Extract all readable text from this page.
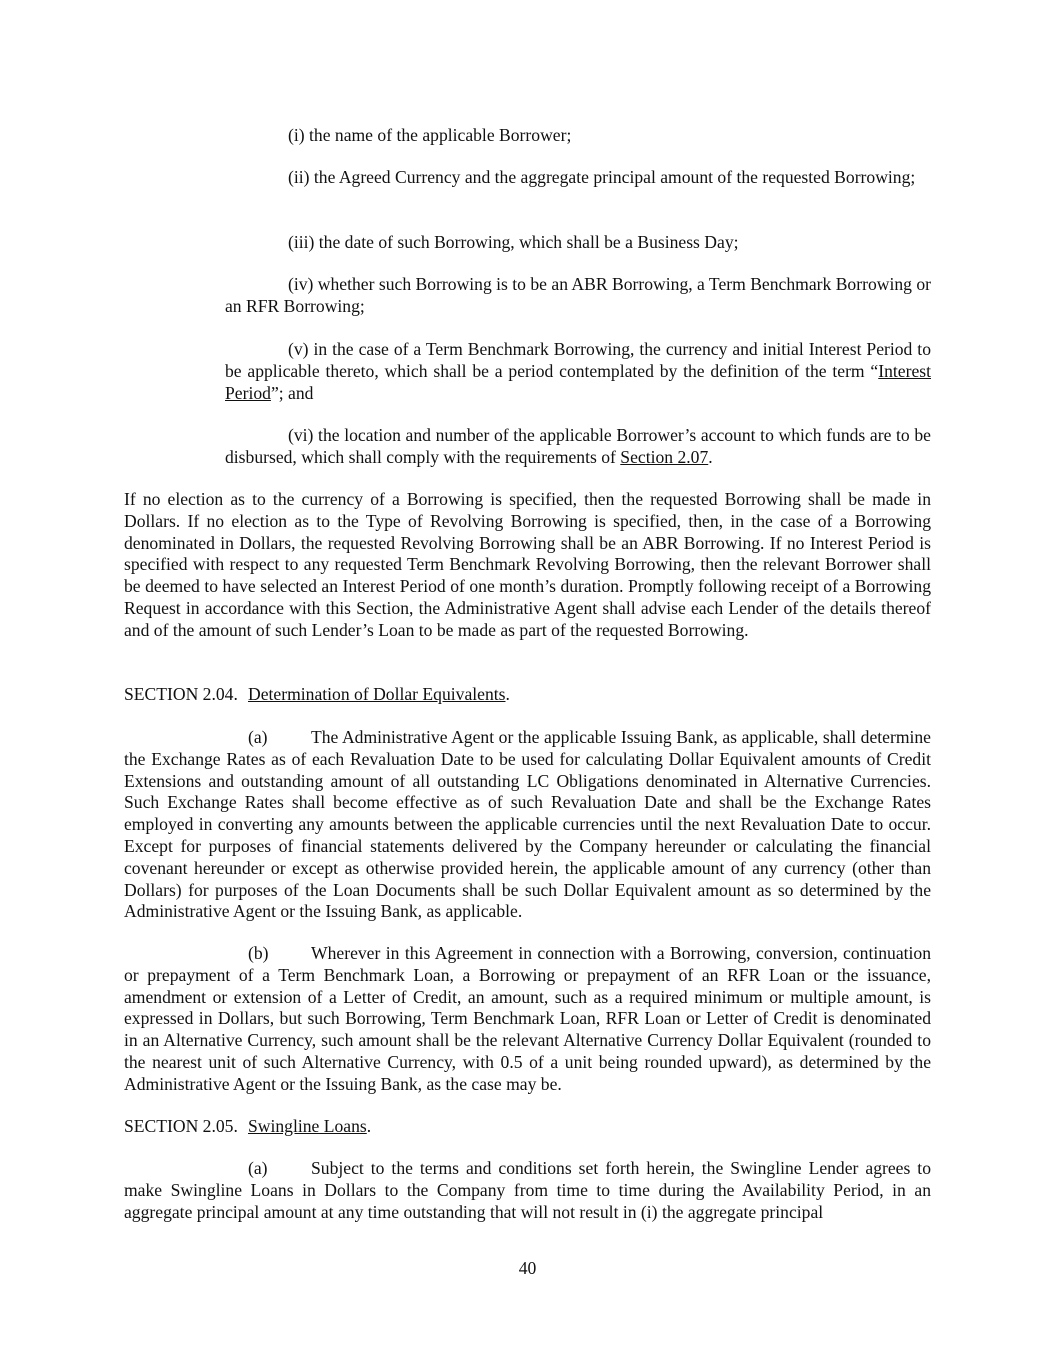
(i) the name of the applicable Borrower;

(ii) the Agreed Currency and the aggregate principal amount of the requested Borrowing;

(iii) the date of such Borrowing, which shall be a Business Day;

(iv) whether such Borrowing is to be an ABR Borrowing, a Term Benchmark Borrowing or an RFR Borrowing;

(v) in the case of a Term Benchmark Borrowing, the currency and initial Interest Period to be applicable thereto, which shall be a period contemplated by the definition of the term “Interest Period”; and

(vi) the location and number of the applicable Borrower’s account to which funds are to be disbursed, which shall comply with the requirements of Section 2.07.

If no election as to the currency of a Borrowing is specified, then the requested Borrowing shall be made in Dollars. If no election as to the Type of Revolving Borrowing is specified, then, in the case of a Borrowing denominated in Dollars, the requested Revolving Borrowing shall be an ABR Borrowing. If no Interest Period is specified with respect to any requested Term Benchmark Revolving Borrowing, then the relevant Borrower shall be deemed to have selected an Interest Period of one month’s duration. Promptly following receipt of a Borrowing Request in accordance with this Section, the Administrative Agent shall advise each Lender of the details thereof and of the amount of such Lender’s Loan to be made as part of the requested Borrowing.

SECTION 2.04. Determination of Dollar Equivalents.

(a) The Administrative Agent or the applicable Issuing Bank, as applicable, shall determine the Exchange Rates as of each Revaluation Date to be used for calculating Dollar Equivalent amounts of Credit Extensions and outstanding amount of all outstanding LC Obligations denominated in Alternative Currencies. Such Exchange Rates shall become effective as of such Revaluation Date and shall be the Exchange Rates employed in converting any amounts between the applicable currencies until the next Revaluation Date to occur. Except for purposes of financial statements delivered by the Company hereunder or calculating the financial covenant hereunder or except as otherwise provided herein, the applicable amount of any currency (other than Dollars) for purposes of the Loan Documents shall be such Dollar Equivalent amount as so determined by the Administrative Agent or the Issuing Bank, as applicable.

(b) Wherever in this Agreement in connection with a Borrowing, conversion, continuation or prepayment of a Term Benchmark Loan, a Borrowing or prepayment of an RFR Loan or the issuance, amendment or extension of a Letter of Credit, an amount, such as a required minimum or multiple amount, is expressed in Dollars, but such Borrowing, Term Benchmark Loan, RFR Loan or Letter of Credit is denominated in an Alternative Currency, such amount shall be the relevant Alternative Currency Dollar Equivalent (rounded to the nearest unit of such Alternative Currency, with 0.5 of a unit being rounded upward), as determined by the Administrative Agent or the Issuing Bank, as the case may be.

SECTION 2.05. Swingline Loans.

(a) Subject to the terms and conditions set forth herein, the Swingline Lender agrees to make Swingline Loans in Dollars to the Company from time to time during the Availability Period, in an aggregate principal amount at any time outstanding that will not result in (i) the aggregate principal

40
